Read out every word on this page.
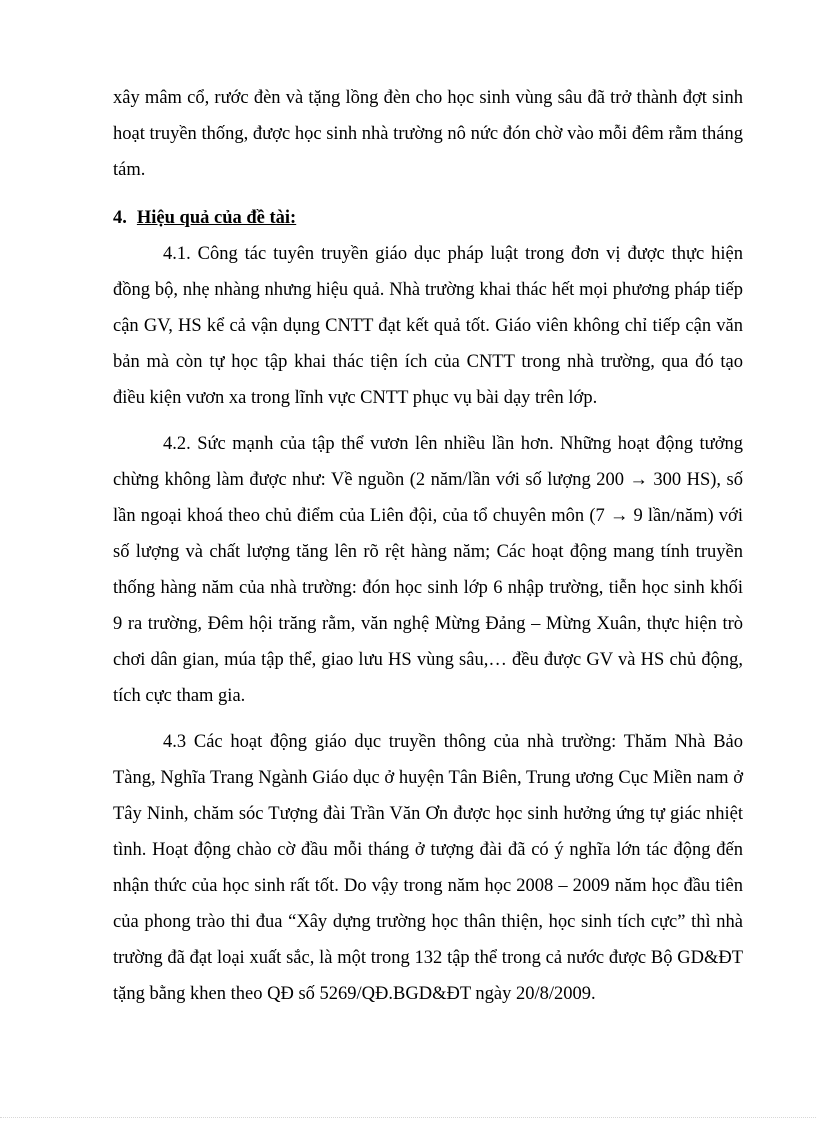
xây mâm cổ, rước đèn và tặng lồng đèn cho học sinh vùng sâu đã trở thành đợt sinh hoạt truyền thống, được học sinh nhà trường nô nức đón chờ vào mỗi đêm rằm tháng tám.

4. Hiệu quả của đề tài:

4.1. Công tác tuyên truyền giáo dục pháp luật trong đơn vị được thực hiện đồng bộ, nhẹ nhàng nhưng hiệu quả. Nhà trường khai thác hết mọi phương pháp tiếp cận GV, HS kể cả vận dụng CNTT đạt kết quả tốt. Giáo viên không chỉ tiếp cận văn bản mà còn tự học tập khai thác tiện ích của CNTT trong nhà trường, qua đó tạo điều kiện vươn xa trong lĩnh vực CNTT phục vụ bài dạy trên lớp.

4.2. Sức mạnh của tập thể vươn lên nhiều lần hơn. Những hoạt động tưởng chừng không làm được như: Về nguồn (2 năm/lần với số lượng 200 → 300 HS), số lần ngoại khoá theo chủ điểm của Liên đội, của tổ chuyên môn (7 → 9 lần/năm) với số lượng và chất lượng tăng lên rõ rệt hàng năm; Các hoạt động mang tính truyền thống hàng năm của nhà trường: đón học sinh lớp 6 nhập trường, tiễn học sinh khối 9 ra trường, Đêm hội trăng rằm, văn nghệ Mừng Đảng – Mừng Xuân, thực hiện trò chơi dân gian, múa tập thể, giao lưu HS vùng sâu,… đều được GV và HS chủ động, tích cực tham gia.

4.3 Các hoạt động giáo dục truyền thông của nhà trường: Thăm Nhà Bảo Tàng, Nghĩa Trang Ngành Giáo dục ở huyện Tân Biên, Trung ương Cục Miền nam ở Tây Ninh, chăm sóc Tượng đài Trần Văn Ơn được học sinh hưởng ứng tự giác nhiệt tình. Hoạt động chào cờ đầu mỗi tháng ở tượng đài đã có ý nghĩa lớn tác động đến nhận thức của học sinh rất tốt. Do vậy trong năm học 2008 – 2009 năm học đầu tiên của phong trào thi đua “Xây dựng trường học thân thiện, học sinh tích cực” thì nhà trường đã đạt loại xuất sắc, là một trong 132 tập thể trong cả nước được Bộ GD&ĐT tặng bằng khen theo QĐ số 5269/QĐ.BGD&ĐT ngày 20/8/2009.
